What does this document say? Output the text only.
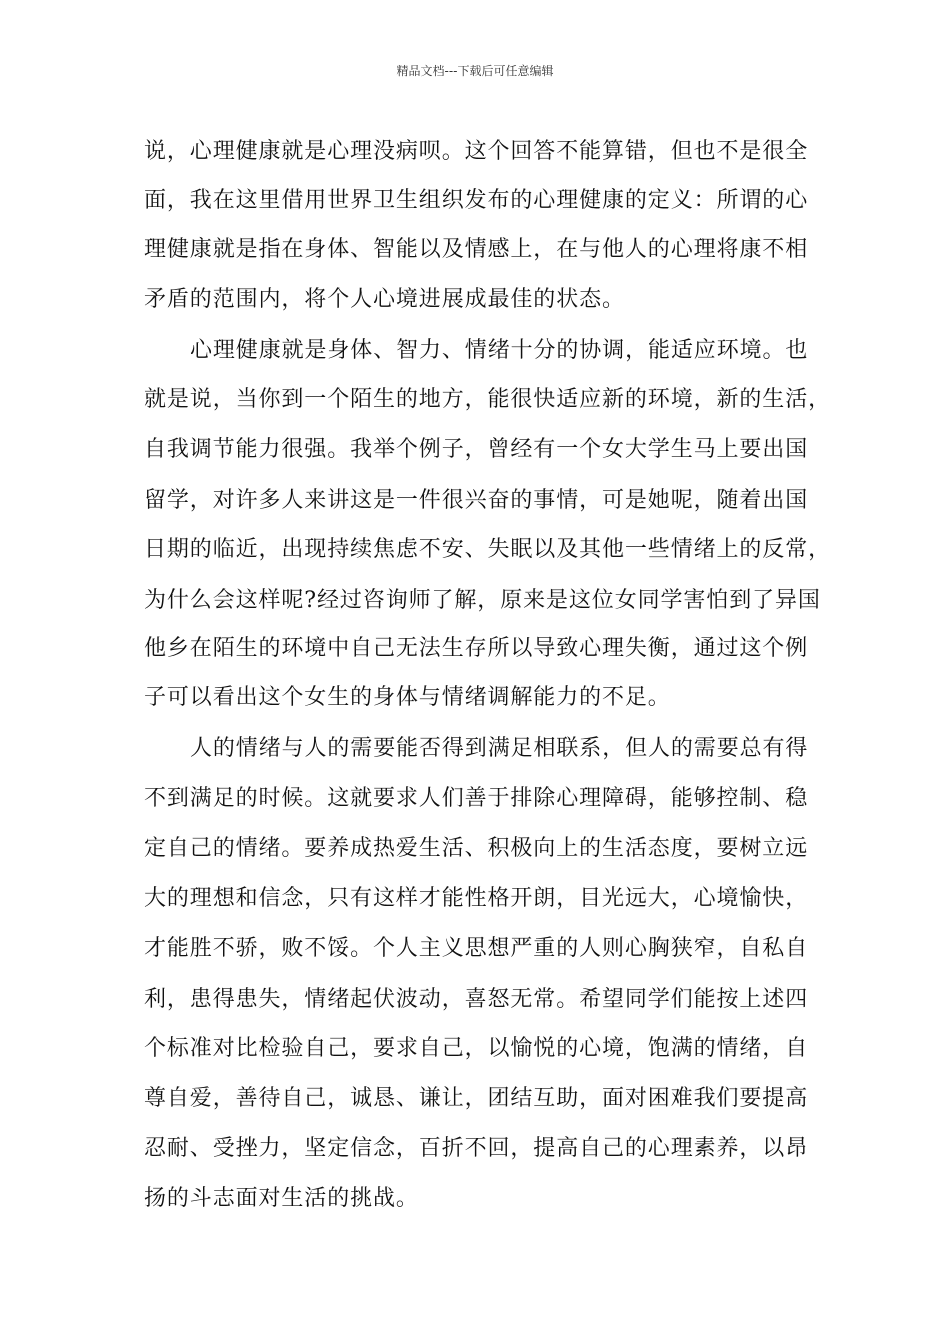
精品文档---下载后可任意编辑
说，心理健康就是心理没病呗。这个回答不能算错，但也不是很全
面，我在这里借用世界卫生组织发布的心理健康的定义：所谓的心
理健康就是指在身体、智能以及情感上，在与他人的心理将康不相
矛盾的范围内，将个人心境进展成最佳的状态。
心理健康就是身体、智力、情绪十分的协调，能适应环境。也
就是说，当你到一个陌生的地方，能很快适应新的环境，新的生活，
自我调节能力很强。我举个例子，曾经有一个女大学生马上要出国
留学，对许多人来讲这是一件很兴奋的事情，可是她呢，随着出国
日期的临近，出现持续焦虑不安、失眠以及其他一些情绪上的反常，
为什么会这样呢?经过咨询师了解，原来是这位女同学害怕到了异国
他乡在陌生的环境中自己无法生存所以导致心理失衡，通过这个例
子可以看出这个女生的身体与情绪调解能力的不足。
人的情绪与人的需要能否得到满足相联系，但人的需要总有得
不到满足的时候。这就要求人们善于排除心理障碍，能够控制、稳
定自己的情绪。要养成热爱生活、积极向上的生活态度，要树立远
大的理想和信念，只有这样才能性格开朗，目光远大，心境愉快，
才能胜不骄，败不馁。个人主义思想严重的人则心胸狭窄，自私自
利，患得患失，情绪起伏波动，喜怒无常。希望同学们能按上述四
个标准对比检验自己，要求自己，以愉悦的心境，饱满的情绪，自
尊自爱，善待自己，诚恳、谦让，团结互助，面对困难我们要提高
忍耐、受挫力，坚定信念，百折不回，提高自己的心理素养，以昂
扬的斗志面对生活的挑战。
